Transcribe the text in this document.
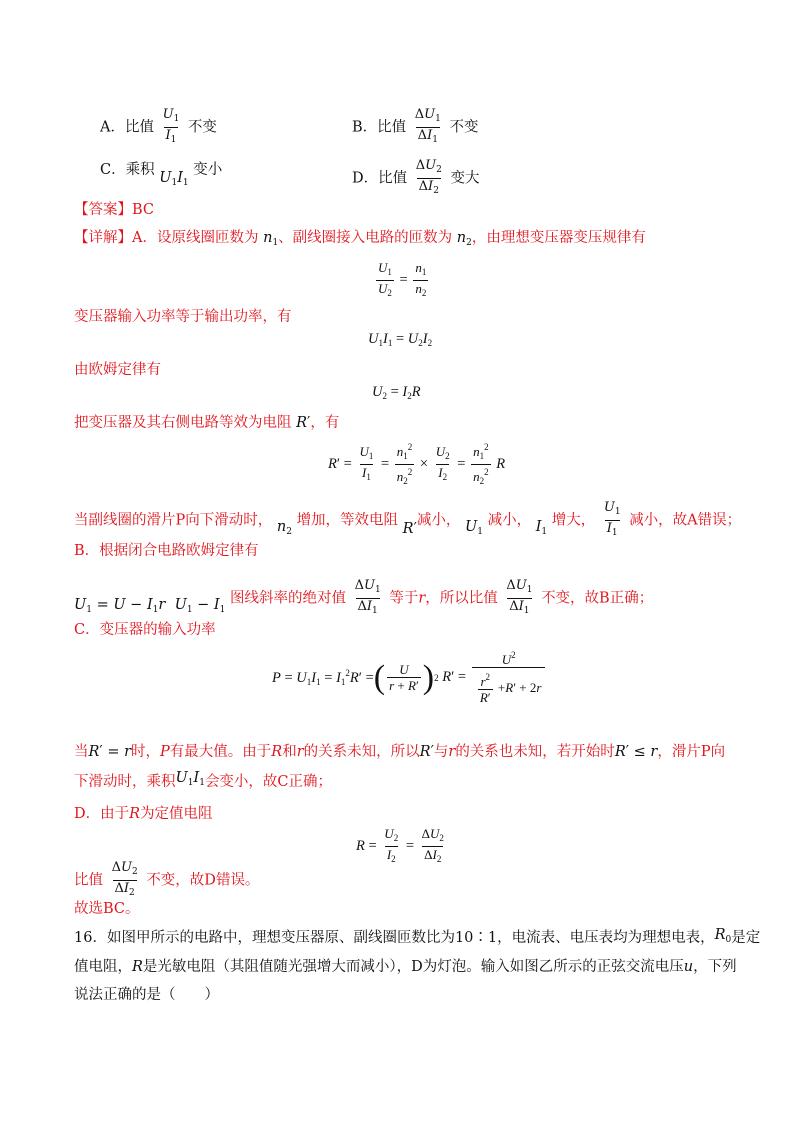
A．比值 $\frac{U_1}{I_1}$ 不变	B．比值 $\frac{\Delta U_1}{\Delta I_1}$ 不变
C．乘积 $U_1I_1$ 变小
D．比值 $\frac{\Delta U_2}{\Delta I_2}$ 变大
【答案】BC
【详解】A．设原线圈匝数为 $n_1$、副线圈接入电路的匝数为 $n_2$，由理想变压器变压规律有
$\frac{U_1}{U_2} = \frac{n_1}{n_2}$
变压器输入功率等于输出功率，有
$U_1I_1 = U_2I_2$
由欧姆定律有
$U_2 = I_2R$
把变压器及其右侧电路等效为电阻 R′，有
$R' = \frac{U_1}{I_1} = \frac{n_1^2}{n_2^2} \times \frac{U_2}{I_2} = \frac{n_1^2}{n_2^2}$ R
当副线圈的滑片P向下滑动时， $n_2$ 增加，等效电阻 R′减小， $U_1$ 减小， $I_1$ 增大， $\frac{U_1}{I_1}$ 减小，故A错误；
B．根据闭合电路欧姆定律有
$U_1 = U - I_1r$ $U_1 - I_1$ 图线斜率的绝对值 $\frac{\Delta U_1}{\Delta I_1}$ 等于r，所以比值 $\frac{\Delta U_1}{\Delta I_1}$ 不变，故B正确；
C．变压器的输入功率
$P = U_1I_1 = I_1^2R'$ = ( $\frac{U}{r + R'}$ ) 2 $R' = \frac{U^2}{\frac{r^2}{R'} + R ' + 2 r}$
当R′ = r时，P有最大值。由于R和r的关系未知，所以R′与r的关系也未知，若开始时R′ ≤ r，滑片P向
下滑动时，乘积$U_1I_1$会变小，故C正确；
D．由于R为定值电阻
$R = \frac{U_2}{I_2} = \frac{\Delta U_2}{\Delta I_2}$
比值 $\frac{\Delta U_2}{\Delta I_2}$ 不变，故D错误。
故选BC。
16．如图甲所示的电路中，理想变压器原、副线圈匝数比为10∶1，电流表、电压表均为理想电表，$R_0$是定
值电阻，R是光敏电阻（其阻值随光强增大而减小），D为灯泡。输入如图乙所示的正弦交流电压u，下列
说法正确的是（　　）
